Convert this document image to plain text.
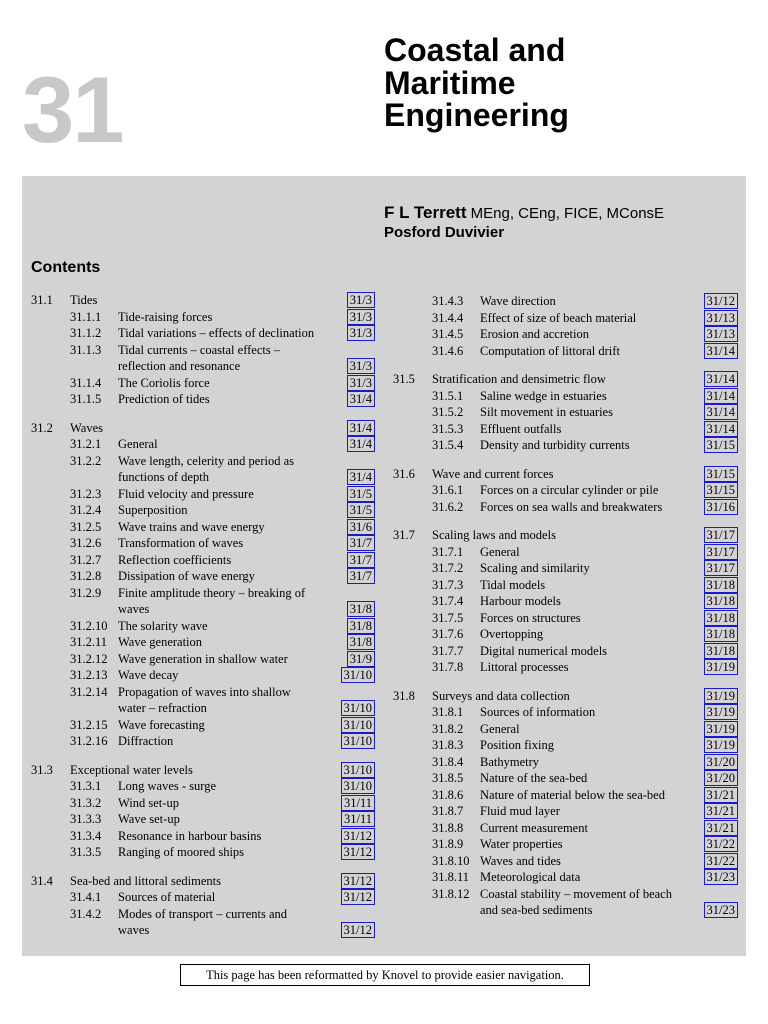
31
Coastal and
Maritime
Engineering
F L Terrett MEng, CEng, FICE, MConsE
Posford Duvivier
Contents
31.1 Tides	31/3
31.1.1 Tide-raising forces	31/3
31.1.2 Tidal variations – effects of declination	31/3
31.1.3 Tidal currents – coastal effects –
reflection and resonance	31/3
31.1.4 The Coriolis force	31/3
31.1.5 Prediction of tides	31/4
31.2 Waves	31/4
31.2.1 General	31/4
31.2.2 Wave length, celerity and period as
functions of depth	31/4
31.2.3 Fluid velocity and pressure	31/5
31.2.4 Superposition	31/5
31.2.5 Wave trains and wave energy	31/6
31.2.6 Transformation of waves	31/7
31.2.7 Reflection coefficients	31/7
31.2.8 Dissipation of wave energy	31/7
31.2.9 Finite amplitude theory – breaking of
waves	31/8
31.2.10 The solarity wave	31/8
31.2.11 Wave generation	31/8
31.2.12 Wave generation in shallow water	31/9
31.2.13 Wave decay	31/10
31.2.14 Propagation of waves into shallow
water – refraction	31/10
31.2.15 Wave forecasting	31/10
31.2.16 Diffraction	31/10
31.3 Exceptional water levels	31/10
31.3.1 Long waves - surge	31/10
31.3.2 Wind set-up	31/11
31.3.3 Wave set-up	31/11
31.3.4 Resonance in harbour basins	31/12
31.3.5 Ranging of moored ships	31/12
31.4 Sea-bed and littoral sediments	31/12
31.4.1 Sources of material	31/12
31.4.2 Modes of transport – currents and
waves	31/12
31.4.3 Wave direction	31/12
31.4.4 Effect of size of beach material	31/13
31.4.5 Erosion and accretion	31/13
31.4.6 Computation of littoral drift	31/14
31.5 Stratification and densimetric flow	31/14
31.5.1 Saline wedge in estuaries	31/14
31.5.2 Silt movement in estuaries	31/14
31.5.3 Effluent outfalls	31/14
31.5.4 Density and turbidity currents	31/15
31.6 Wave and current forces	31/15
31.6.1 Forces on a circular cylinder or pile	31/15
31.6.2 Forces on sea walls and breakwaters	31/16
31.7 Scaling laws and models	31/17
31.7.1 General	31/17
31.7.2 Scaling and similarity	31/17
31.7.3 Tidal models	31/18
31.7.4 Harbour models	31/18
31.7.5 Forces on structures	31/18
31.7.6 Overtopping	31/18
31.7.7 Digital numerical models	31/18
31.7.8 Littoral processes	31/19
31.8 Surveys and data collection	31/19
31.8.1 Sources of information	31/19
31.8.2 General	31/19
31.8.3 Position fixing	31/19
31.8.4 Bathymetry	31/20
31.8.5 Nature of the sea-bed	31/20
31.8.6 Nature of material below the sea-bed	31/21
31.8.7 Fluid mud layer	31/21
31.8.8 Current measurement	31/21
31.8.9 Water properties	31/22
31.8.10 Waves and tides	31/22
31.8.11 Meteorological data	31/23
31.8.12 Coastal stability – movement of beach
and sea-bed sediments	31/23
This page has been reformatted by Knovel to provide easier navigation.
